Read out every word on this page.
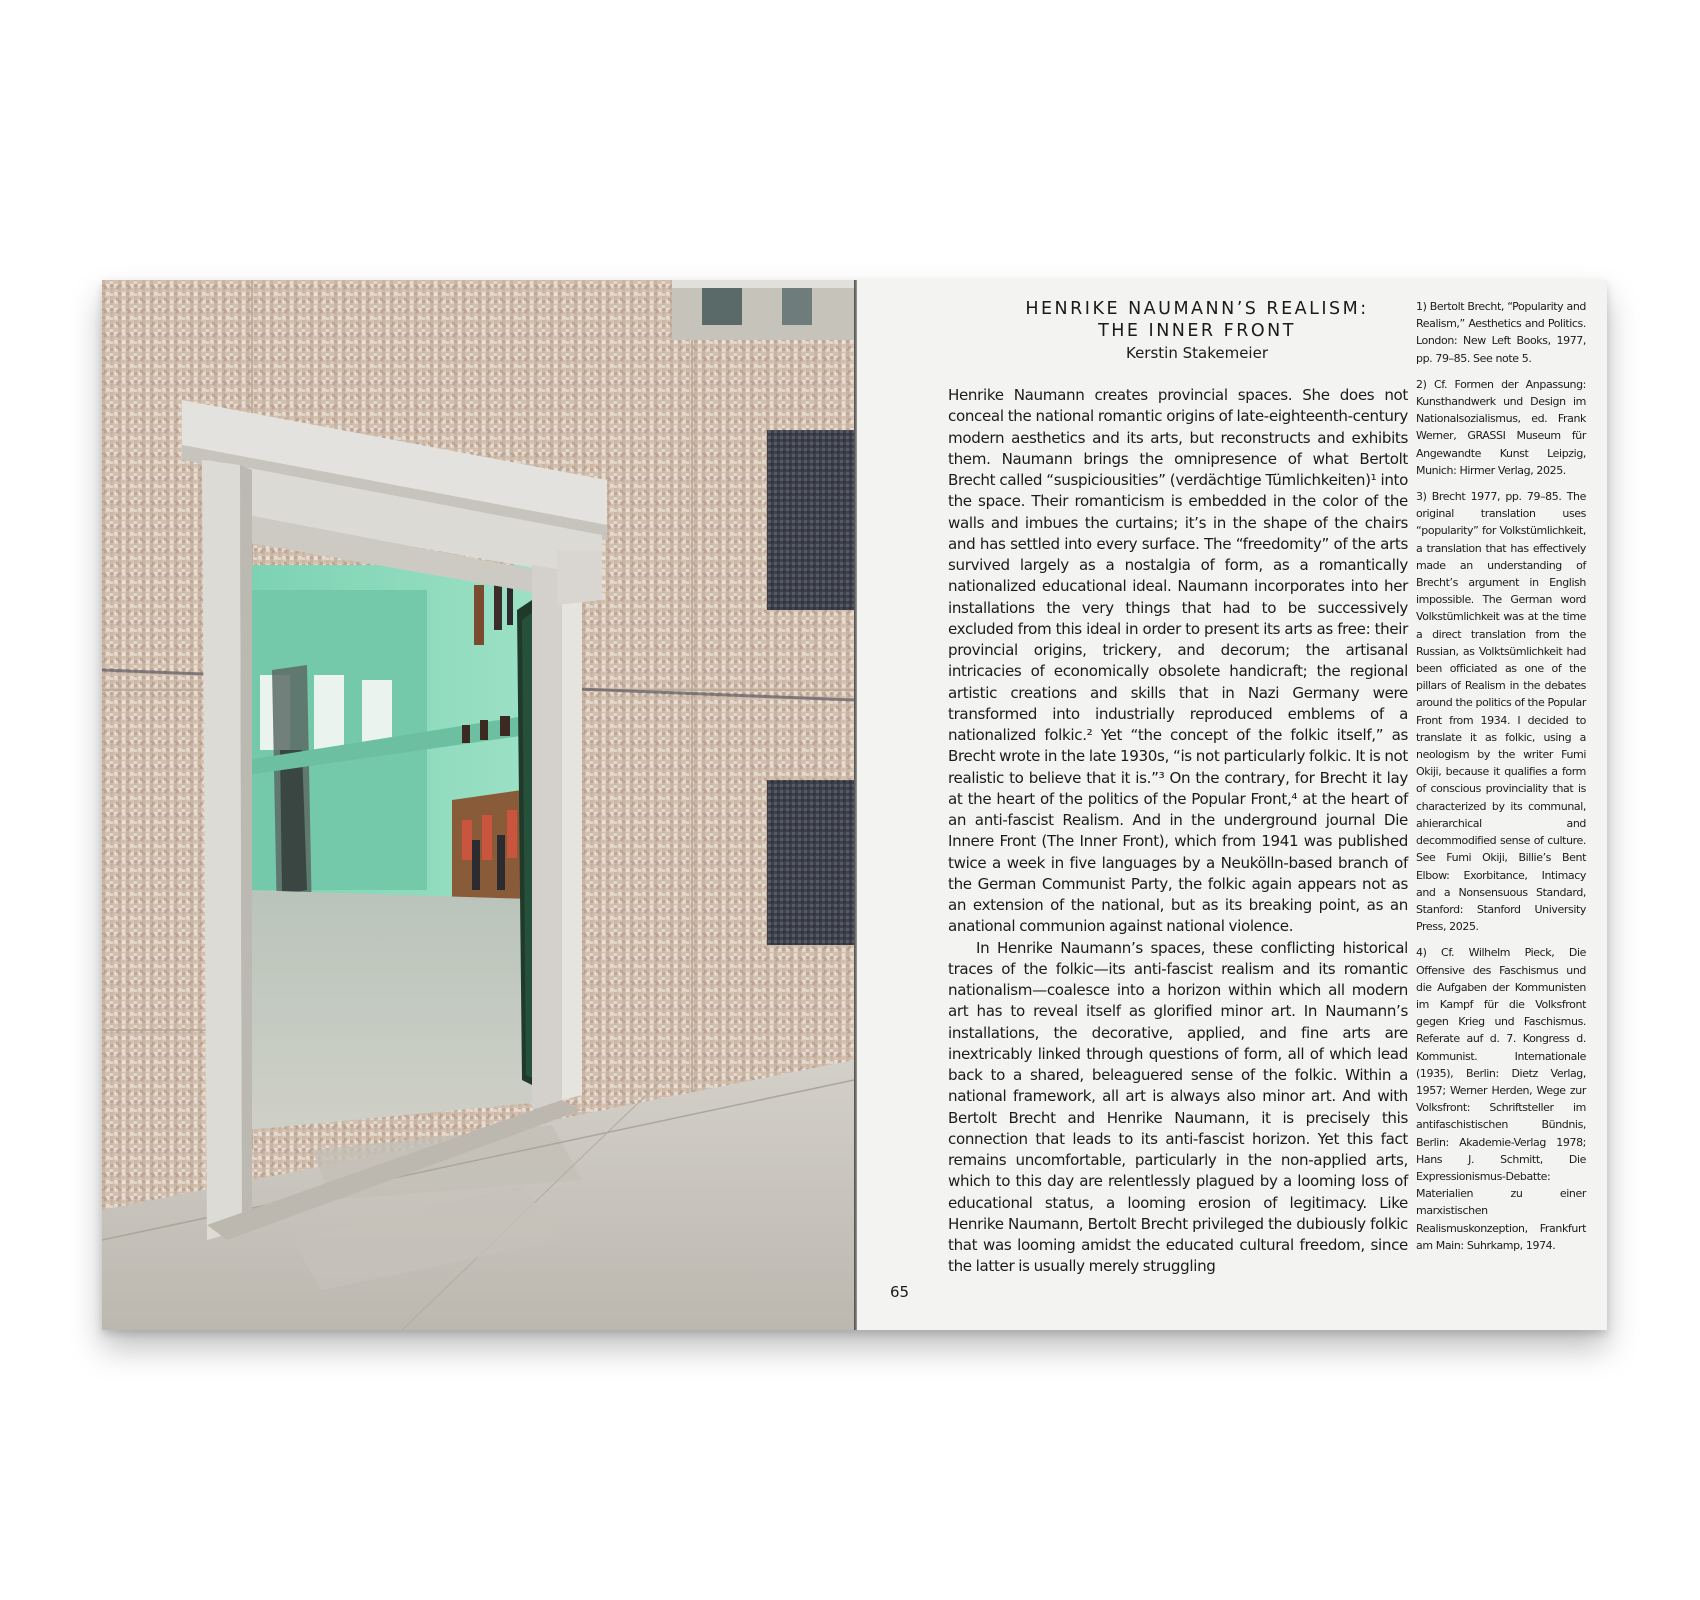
HENRIKE NAUMANN’S REALISM:
THE INNER FRONT
Kerstin Stakemeier

Henrike Naumann creates provincial spaces. She does not conceal the national romantic origins of late-eighteenth-century modern aesthetics and its arts, but reconstructs and exhibits them. Naumann brings the omnipresence of what Bertolt Brecht called “suspiciousities” (verdächtige Tümlichkeiten)¹ into the space. Their romanticism is embedded in the color of the walls and imbues the curtains; it’s in the shape of the chairs and has settled into every surface. The “freedomity” of the arts survived largely as a nostalgia of form, as a romantically nationalized educational ideal. Naumann incorporates into her installations the very things that had to be successively excluded from this ideal in order to present its arts as free: their provincial origins, trickery, and decorum; the artisanal intricacies of economically obsolete handicraft; the regional artistic creations and skills that in Nazi Germany were transformed into industrially reproduced emblems of a nationalized folkic.² Yet “the concept of the folkic itself,” as Brecht wrote in the late 1930s, “is not particularly folkic. It is not realistic to believe that it is.”³ On the contrary, for Brecht it lay at the heart of the politics of the Popular Front,⁴ at the heart of an anti-fascist Realism. And in the underground journal Die Innere Front (The Inner Front), which from 1941 was published twice a week in five languages by a Neukölln-based branch of the German Communist Party, the folkic again appears not as an extension of the national, but as its breaking point, as an anational communion against national violence.

In Henrike Naumann’s spaces, these conflicting historical traces of the folkic—its anti-fascist realism and its romantic nationalism—coalesce into a horizon within which all modern art has to reveal itself as glorified minor art. In Naumann’s installations, the decorative, applied, and fine arts are inextricably linked through questions of form, all of which lead back to a shared, beleaguered sense of the folkic. Within a national framework, all art is always also minor art. And with Bertolt Brecht and Henrike Naumann, it is precisely this connection that leads to its anti-fascist horizon. Yet this fact remains uncomfortable, particularly in the non-applied arts, which to this day are relentlessly plagued by a looming loss of educational status, a looming erosion of legitimacy. Like Henrike Naumann, Bertolt Brecht privileged the dubiously folkic that was looming amidst the educated cultural freedom, since the latter is usually merely struggling

1) Bertolt Brecht, “Popularity and Realism,” Aesthetics and Politics. London: New Left Books, 1977, pp. 79–85. See note 5.

2) Cf. Formen der Anpassung: Kunsthandwerk und Design im Nationalsozialismus, ed. Frank Werner, GRASSI Museum für Angewandte Kunst Leipzig, Munich: Hirmer Verlag, 2025.

3) Brecht 1977, pp. 79–85. The original translation uses “popularity” for Volkstümlichkeit, a translation that has effectively made an understanding of Brecht’s argument in English impossible. The German word Volkstümlichkeit was at the time a direct translation from the Russian, as Volktsümlichkeit had been officiated as one of the pillars of Realism in the debates around the politics of the Popular Front from 1934. I decided to translate it as folkic, using a neologism by the writer Fumi Okiji, because it qualifies a form of conscious provinciality that is characterized by its communal, ahierarchical and decommodified sense of culture. See Fumi Okiji, Billie’s Bent Elbow: Exorbitance, Intimacy and a Nonsensuous Standard, Stanford: Stanford University Press, 2025.

4) Cf. Wilhelm Pieck, Die Offensive des Faschismus und die Aufgaben der Kommunisten im Kampf für die Volksfront gegen Krieg und Faschismus. Referate auf d. 7. Kongress d. Kommunist. Internationale (1935), Berlin: Dietz Verlag, 1957; Werner Herden, Wege zur Volksfront: Schriftsteller im antifaschistischen Bündnis, Berlin: Akademie-Verlag 1978; Hans J. Schmitt, Die Expressionismus-Debatte: Materialien zu einer marxistischen Realismuskonzeption, Frankfurt am Main: Suhrkamp, 1974.

65
